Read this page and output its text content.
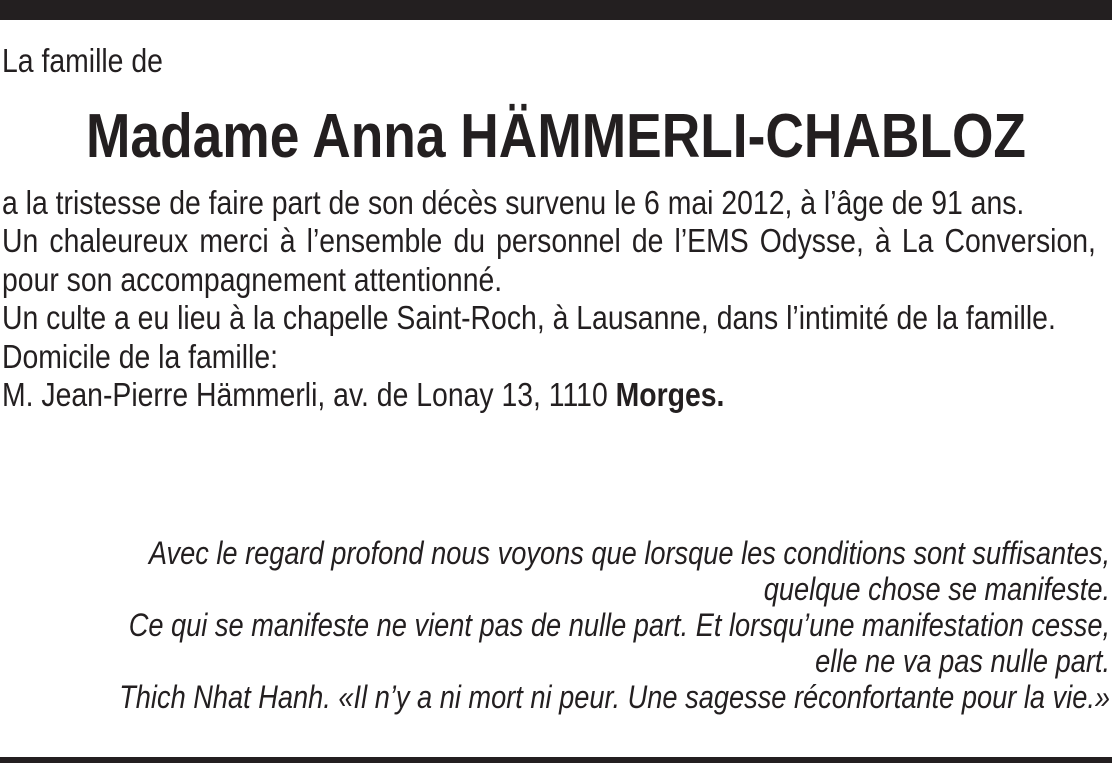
La famille de
Madame Anna HÄMMERLI-CHABLOZ

a la tristesse de faire part de son décès survenu le 6 mai 2012, à l’âge de 91 ans.

Un chaleureux merci à l’ensemble du personnel de l’EMS Odysse, à La Conversion, pour son accompagnement attentionné.

Un culte a eu lieu à la chapelle Saint-Roch, à Lausanne, dans l’intimité de la famille.

Domicile de la famille:

M. Jean-Pierre Hämmerli, av. de Lonay 13, 1110 Morges.

Avec le regard profond nous voyons que lorsque les conditions sont suffisantes,
quelque chose se manifeste.
Ce qui se manifeste ne vient pas de nulle part. Et lorsqu’une manifestation cesse,
elle ne va pas nulle part.
Thich Nhat Hanh. «Il n’y a ni mort ni peur. Une sagesse réconfortante pour la vie.»
